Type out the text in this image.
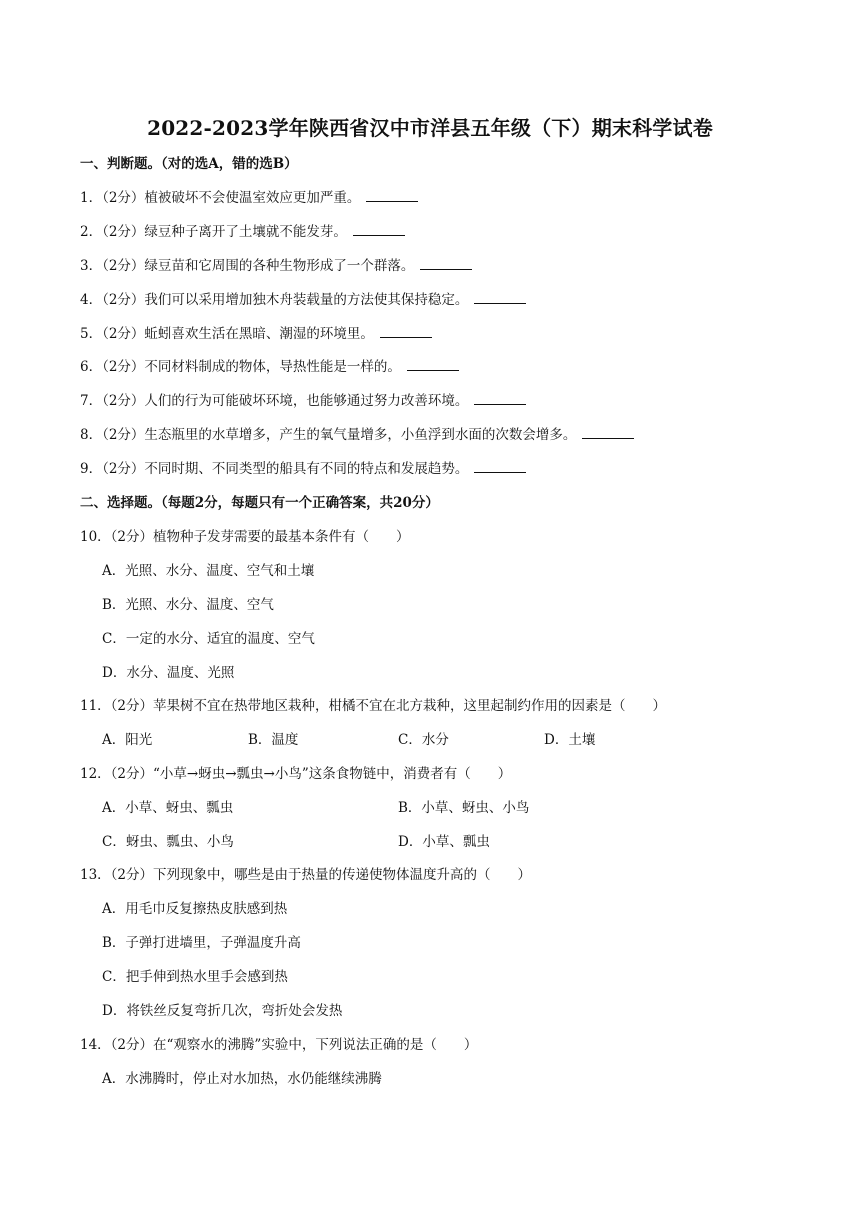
2022-2023学年陕西省汉中市洋县五年级（下）期末科学试卷
一、判断题。（对的选A，错的选B）
1．（2分）植被破坏不会使温室效应更加严重。
2．（2分）绿豆种子离开了土壤就不能发芽。
3．（2分）绿豆苗和它周围的各种生物形成了一个群落。
4．（2分）我们可以采用增加独木舟装载量的方法使其保持稳定。
5．（2分）蚯蚓喜欢生活在黑暗、潮湿的环境里。
6．（2分）不同材料制成的物体，导热性能是一样的。
7．（2分）人们的行为可能破坏环境，也能够通过努力改善环境。
8．（2分）生态瓶里的水草增多，产生的氧气量增多，小鱼浮到水面的次数会增多。
9．（2分）不同时期、不同类型的船具有不同的特点和发展趋势。
二、选择题。（每题2分，每题只有一个正确答案，共20分）
10．（2分）植物种子发芽需要的最基本条件有（　　）
A．光照、水分、温度、空气和土壤
B．光照、水分、温度、空气
C．一定的水分、适宜的温度、空气
D．水分、温度、光照
11．（2分）苹果树不宜在热带地区栽种，柑橘不宜在北方栽种，这里起制约作用的因素是（　　）
A．阳光	B．温度	C．水分	D．土壤
12．（2分）“小草→蚜虫→瓢虫→小鸟”这条食物链中，消费者有（　　）
A．小草、蚜虫、瓢虫	B．小草、蚜虫、小鸟
C．蚜虫、瓢虫、小鸟	D．小草、瓢虫
13．（2分）下列现象中，哪些是由于热量的传递使物体温度升高的（　　）
A．用毛巾反复擦热皮肤感到热
B．子弹打进墙里，子弹温度升高
C．把手伸到热水里手会感到热
D．将铁丝反复弯折几次，弯折处会发热
14．（2分）在“观察水的沸腾”实验中，下列说法正确的是（　　）
A．水沸腾时，停止对水加热，水仍能继续沸腾
